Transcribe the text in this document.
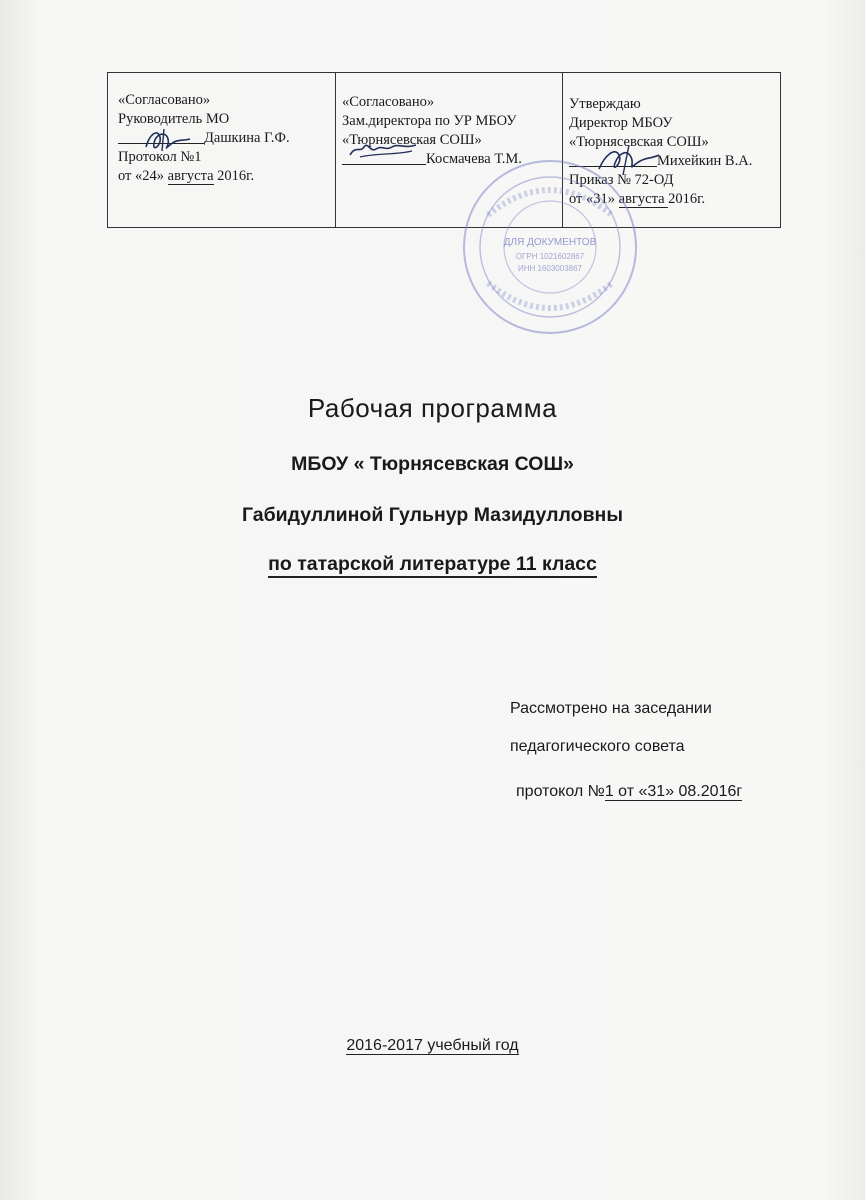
«Согласовано»
Руководитель МО
Дашкина Г.Ф.
Протокол №1
от «24» августа 2016г.
«Согласовано»
Зам.директора по УР МБОУ
«Тюрнясевская СОШ»
Космачева Т.М.
Утверждаю
Директор МБОУ
«Тюрнясевская СОШ»
Михейкин В.А.
Приказ № 72-ОД
от «31» августа 2016г.
ДЛЯ ДОКУМЕНТОВ
ОГРН 1021602867
ИНН 1603003867
Рабочая программа
МБОУ « Тюрнясевская СОШ»
Габидуллиной Гульнур Мазидулловны
по татарской литературе 11 класс
Рассмотрено на заседании
педагогического совета
протокол №1 от «31» 08.2016г
2016-2017 учебный год
